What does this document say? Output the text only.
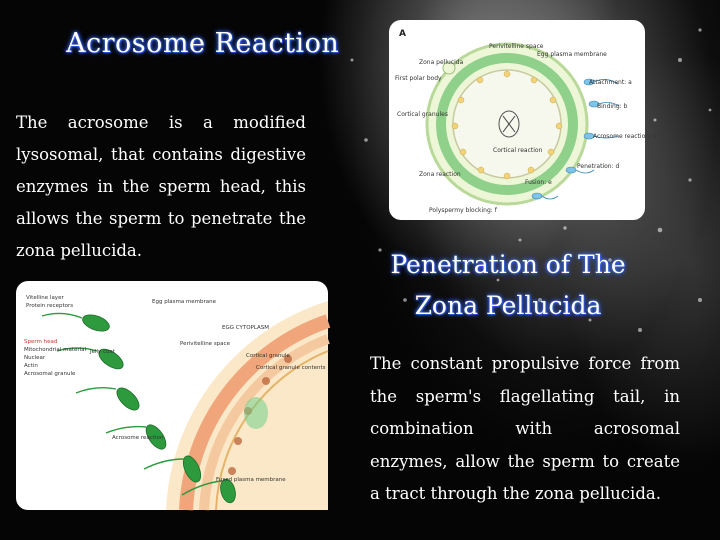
Acrosome Reaction

The acrosome is a modified lysosomal, that contains digestive enzymes in the sperm head, this allows the sperm to penetrate the zona pellucida.

A
Zona pellucida
Perivitelline space
Egg plasma membrane
First polar body
Attachment: a
Binding: b
Cortical granules
Cortical reaction
Acrosome reaction: c
Penetration: d
Zona reaction
Fusion: e
Polyspermy blocking: f
Penetration of The Zona Pellucida

The constant propulsive force from the sperm's flagellating tail, in combination with acrosomal enzymes, allow the sperm to create a tract through the zona pellucida.

Vitelline layer
Protein receptors
Egg plasma membrane
EGG CYTOPLASM
Sperm head
Mitochondrial material
Nuclear
Actin
Acrosomal granule
Jelly coat
Perivitelline space
Cortical granule
Cortical granule contents
Acrosome reaction
Fused plasma membrane
